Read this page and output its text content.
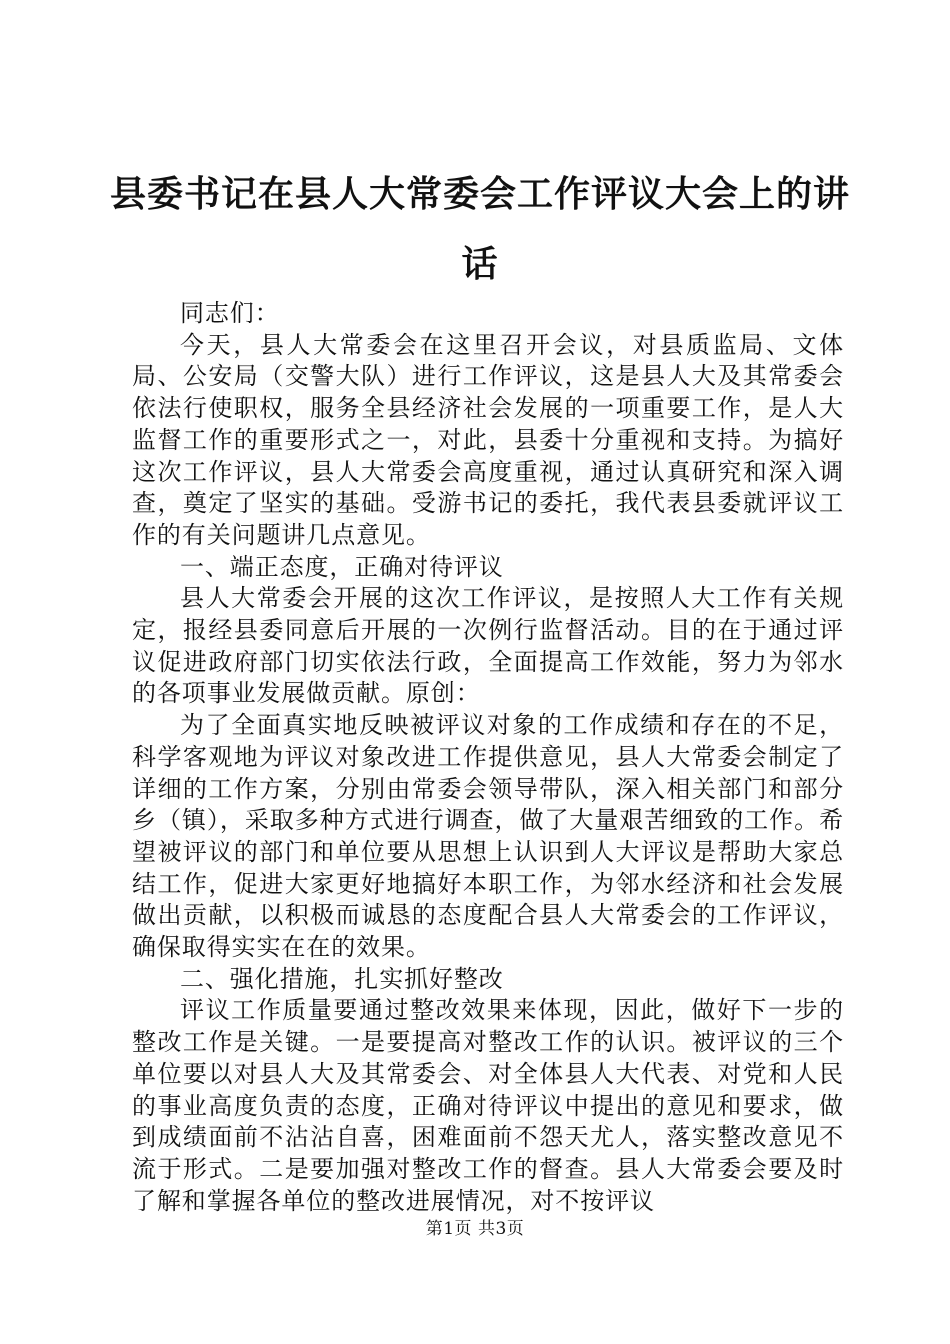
县委书记在县人大常委会工作评议大会上的讲
话

同志们：

今天，县人大常委会在这里召开会议，对县质监局、文体局、公安局（交警大队）进行工作评议，这是县人大及其常委会依法行使职权，服务全县经济社会发展的一项重要工作，是人大监督工作的重要形式之一，对此，县委十分重视和支持。为搞好这次工作评议，县人大常委会高度重视，通过认真研究和深入调查，奠定了坚实的基础。受游书记的委托，我代表县委就评议工作的有关问题讲几点意见。

一、端正态度，正确对待评议

县人大常委会开展的这次工作评议，是按照人大工作有关规定，报经县委同意后开展的一次例行监督活动。目的在于通过评议促进政府部门切实依法行政，全面提高工作效能，努力为邻水的各项事业发展做贡献。原创：

为了全面真实地反映被评议对象的工作成绩和存在的不足，科学客观地为评议对象改进工作提供意见，县人大常委会制定了详细的工作方案，分别由常委会领导带队，深入相关部门和部分乡（镇），采取多种方式进行调查，做了大量艰苦细致的工作。希望被评议的部门和单位要从思想上认识到人大评议是帮助大家总结工作，促进大家更好地搞好本职工作，为邻水经济和社会发展做出贡献，以积极而诚恳的态度配合县人大常委会的工作评议，确保取得实实在在的效果。

二、强化措施，扎实抓好整改

评议工作质量要通过整改效果来体现，因此，做好下一步的整改工作是关键。一是要提高对整改工作的认识。被评议的三个单位要以对县人大及其常委会、对全体县人大代表、对党和人民的事业高度负责的态度，正确对待评议中提出的意见和要求，做到成绩面前不沾沾自喜，困难面前不怨天尤人，落实整改意见不流于形式。二是要加强对整改工作的督查。县人大常委会要及时了解和掌握各单位的整改进展情况，对不按评议

第1页 共3页
